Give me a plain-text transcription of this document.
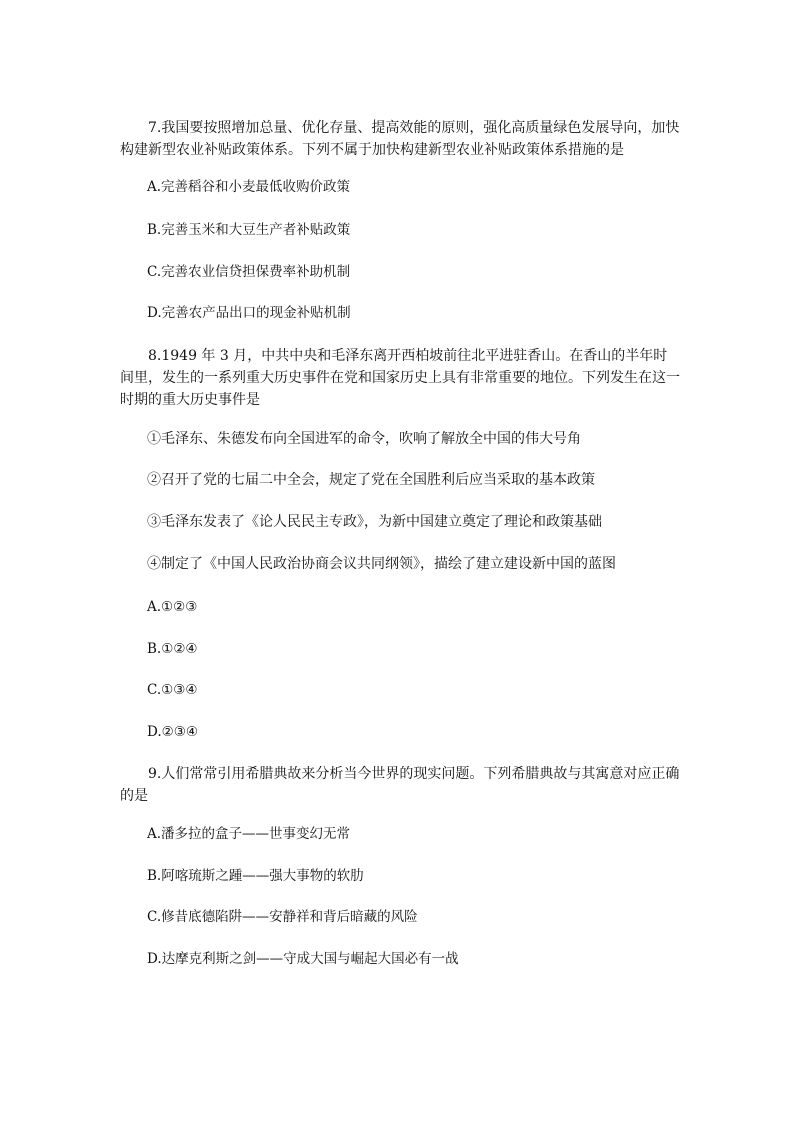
7.我国要按照增加总量、优化存量、提高效能的原则，强化高质量绿色发展导向，加快构建新型农业补贴政策体系。下列不属于加快构建新型农业补贴政策体系措施的是

A.完善稻谷和小麦最低收购价政策

B.完善玉米和大豆生产者补贴政策

C.完善农业信贷担保费率补助机制

D.完善农产品出口的现金补贴机制

8.1949 年 3 月，中共中央和毛泽东离开西柏坡前往北平进驻香山。在香山的半年时间里，发生的一系列重大历史事件在党和国家历史上具有非常重要的地位。下列发生在这一时期的重大历史事件是

①毛泽东、朱德发布向全国进军的命令，吹响了解放全中国的伟大号角

②召开了党的七届二中全会，规定了党在全国胜利后应当采取的基本政策

③毛泽东发表了《论人民民主专政》，为新中国建立奠定了理论和政策基础

④制定了《中国人民政治协商会议共同纲领》，描绘了建立建设新中国的蓝图

A.①②③

B.①②④

C.①③④

D.②③④

9.人们常常引用希腊典故来分析当今世界的现实问题。下列希腊典故与其寓意对应正确的是

A.潘多拉的盒子——世事变幻无常

B.阿喀琉斯之踵——强大事物的软肋

C.修昔底德陷阱——安静祥和背后暗藏的风险

D.达摩克利斯之剑——守成大国与崛起大国必有一战
